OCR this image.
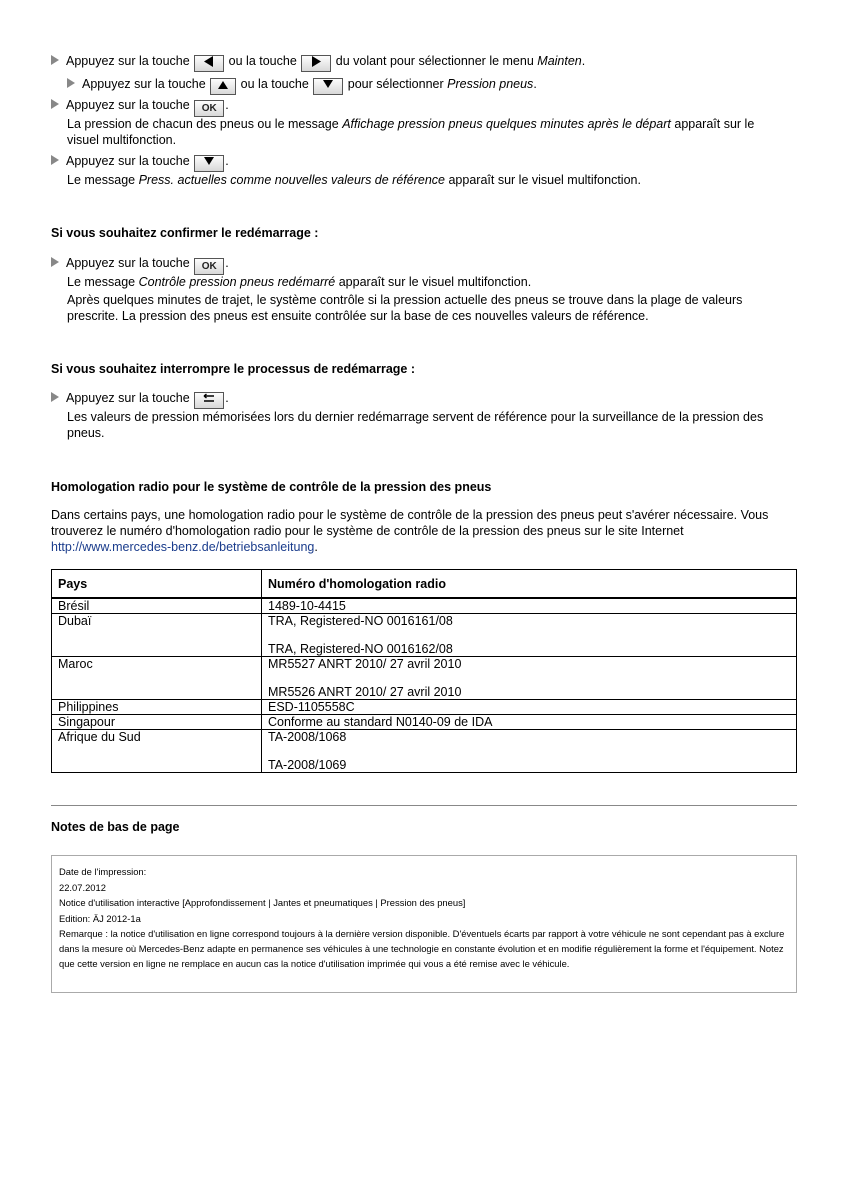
Appuyez sur la touche	ou la touche	du volant pour sélectionner le menu Mainten.
Appuyez sur la touche	ou la touche	pour sélectionner Pression pneus.
Appuyez sur la touche OK .
La pression de chacun des pneus ou le message Affichage pression pneus quelques minutes après le départ apparaît sur le visuel multifonction.
Appuyez sur la touche	.
Le message Press. actuelles comme nouvelles valeurs de référence apparaît sur le visuel multifonction.
Si vous souhaitez confirmer le redémarrage :
Appuyez sur la touche OK .
Le message Contrôle pression pneus redémarré apparaît sur le visuel multifonction.
Après quelques minutes de trajet, le système contrôle si la pression actuelle des pneus se trouve dans la plage de valeurs prescrite. La pression des pneus est ensuite contrôlée sur la base de ces nouvelles valeurs de référence.
Si vous souhaitez interrompre le processus de redémarrage :
Appuyez sur la touche	.
Les valeurs de pression mémorisées lors du dernier redémarrage servent de référence pour la surveillance de la pression des pneus.
Homologation radio pour le système de contrôle de la pression des pneus
Dans certains pays, une homologation radio pour le système de contrôle de la pression des pneus peut s'avérer nécessaire. Vous trouverez le numéro d'homologation radio pour le système de contrôle de la pression des pneus sur le site Internet http://www.mercedes-benz.de/betriebsanleitung.
Pays	Numéro d'homologation radio
Brésil	1489-10-4415
Dubaï	TRA, Registered-NO 0016161/08
TRA, Registered-NO 0016162/08

Maroc	MR5527 ANRT 2010/ 27 avril 2010
MR5526 ANRT 2010/ 27 avril 2010

Philippines	ESD-1105558C
Singapour	Conforme au standard N0140-09 de IDA
Afrique du Sud	TA-2008/1068
TA-2008/1069
Notes de bas de page
Date de l'impression:
22.07.2012
Notice d'utilisation interactive [Approfondissement | Jantes et pneumatiques | Pression des pneus]
Edition: ÄJ 2012-1a
Remarque : la notice d'utilisation en ligne correspond toujours à la dernière version disponible. D'éventuels écarts par rapport à votre véhicule ne sont cependant pas à exclure dans la mesure où Mercedes-Benz adapte en permanence ses véhicules à une technologie en constante évolution et en modifie régulièrement la forme et l'équipement. Notez que cette version en ligne ne remplace en aucun cas la notice d'utilisation imprimée qui vous a été remise avec le véhicule.
